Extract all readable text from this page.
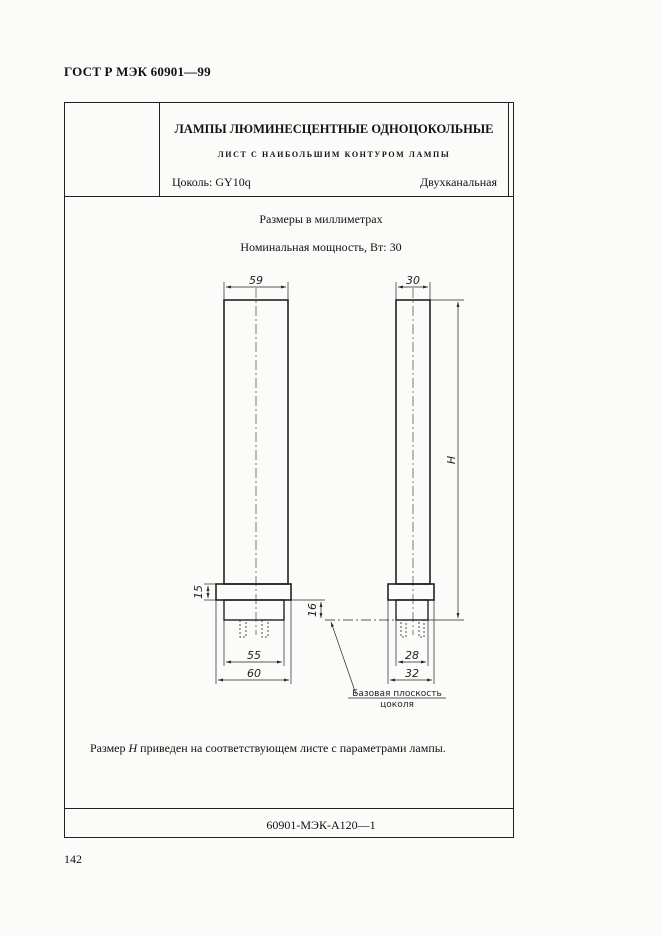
ГОСТ Р МЭК 60901—99
ЛАМПЫ ЛЮМИНЕСЦЕНТНЫЕ ОДНОЦОКОЛЬНЫЕ
ЛИСТ С НАИБОЛЬШИМ КОНТУРОМ ЛАМПЫ
Цоколь: GY10q	Двухканальная
Размеры в миллиметрах
Номинальная мощность, Вт: 30
59	30
15
16
55
60
28
32
H
Базовая плоскость
цоколя
Размер H приведен на соответствующем листе с параметрами лампы.
60901-МЭК-А120—1
142
